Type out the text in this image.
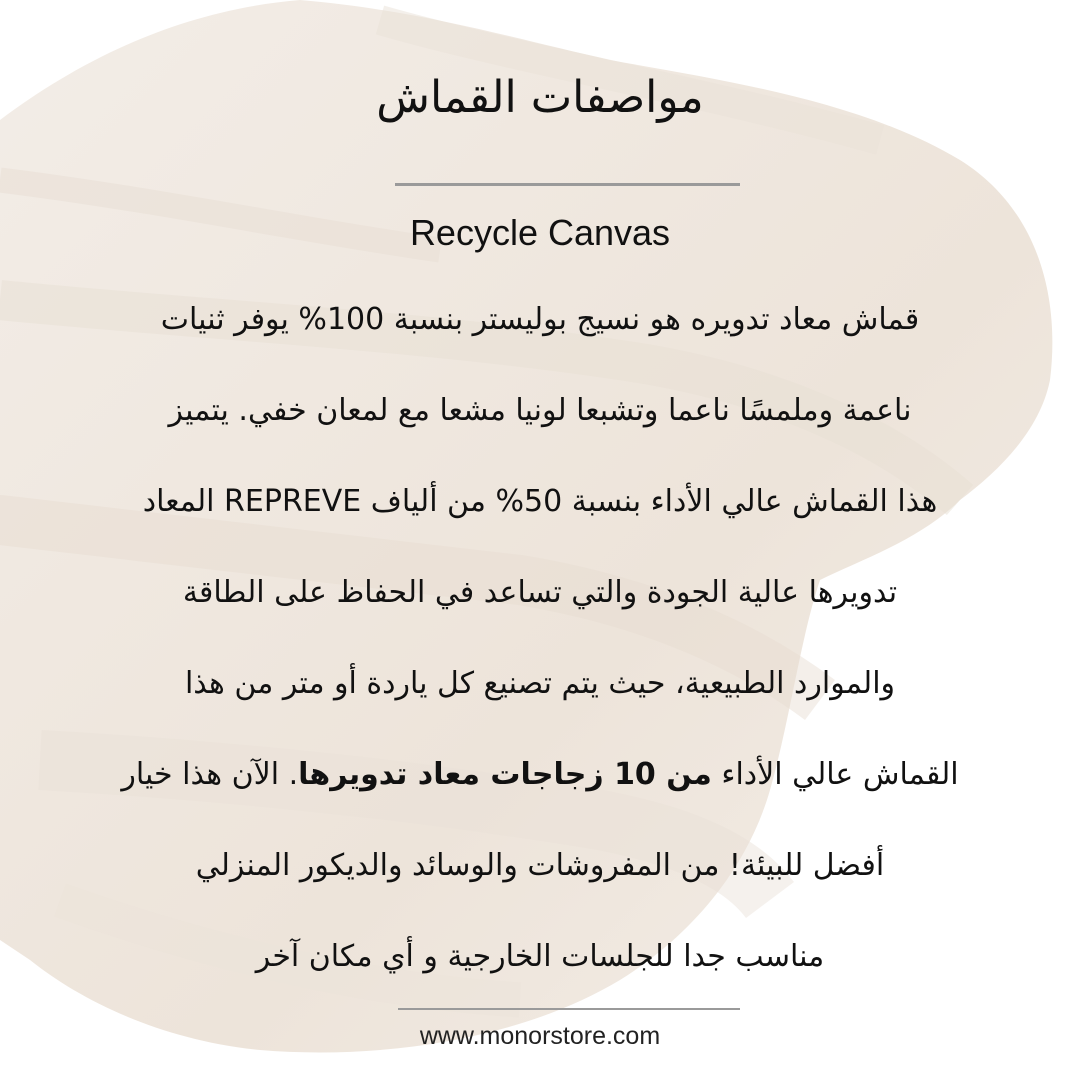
مواصفات القماش
Recycle Canvas
قماش معاد تدويره هو نسيج بوليستر بنسبة 100% يوفر ثنيات
ناعمة وملمسًا ناعما وتشبعا لونيا مشعا مع لمعان خفي. يتميز
هذا القماش عالي الأداء بنسبة 50% من ألياف REPREVE المعاد
تدويرها عالية الجودة والتي تساعد في الحفاظ على الطاقة
والموارد الطبيعية، حيث يتم تصنيع كل ياردة أو متر من هذا
القماش عالي الأداء من 10 زجاجات معاد تدويرها. الآن هذا خيار
أفضل للبيئة! من المفروشات والوسائد والديكور المنزلي
مناسب جدا للجلسات الخارجية و أي مكان آخر
www.monorstore.com
